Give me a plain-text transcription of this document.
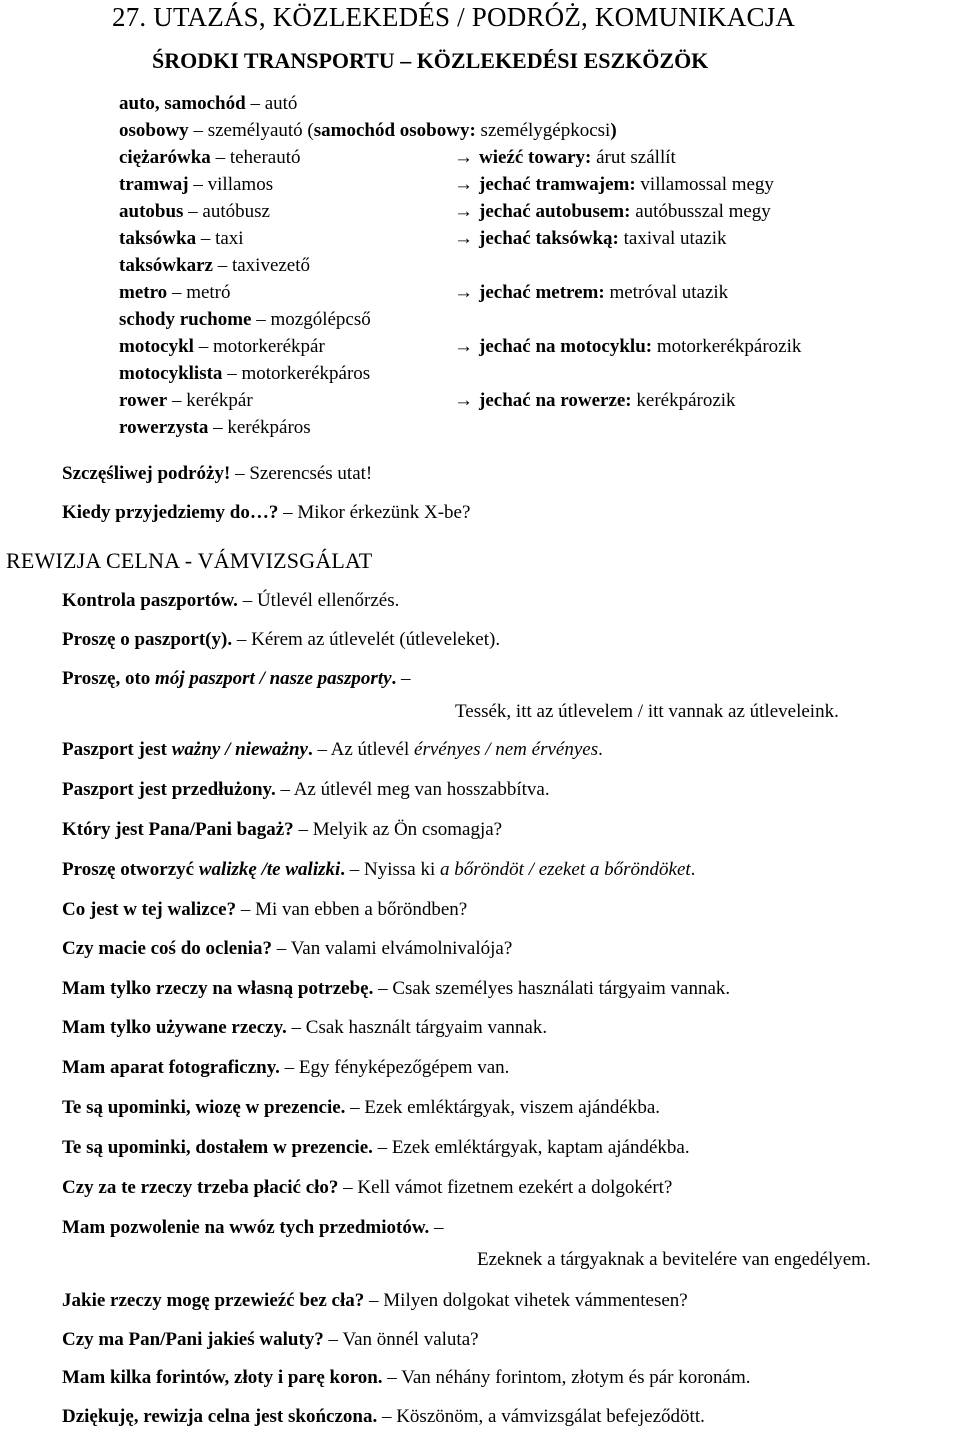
27. UTAZÁS, KÖZLEKEDÉS / PODRÓŻ, KOMUNIKACJA
ŚRODKI TRANSPORTU – KÖZLEKEDÉSI ESZKÖZÖK
auto, samochód – autó
osobowy – személyautó (samochód osobowy: személygépkocsi)
ciężarówka – teherautó	→ wieźć towary: árut szállít
tramwaj – villamos	→ jechać tramwajem: villamossal megy
autobus – autóbusz	→ jechać autobusem: autóbusszal megy
taksówka – taxi	→ jechać taksówką: taxival utazik
taksówkarz – taxivezető
metro – metró	→ jechać metrem: metróval utazik
schody ruchome – mozgólépcső
motocykl – motorkerékpár	→ jechać na motocyklu: motorkerékpározik
motocyklista – motorkerékpáros
rower – kerékpár	→ jechać na rowerze: kerékpározik
rowerzysta – kerékpáros
Szczęśliwej podróży! – Szerencsés utat!
Kiedy przyjedziemy do…? – Mikor érkezünk X-be?
REWIZJA CELNA - VÁMVIZSGÁLAT
Kontrola paszportów. – Útlevél ellenőrzés.
Proszę o paszport(y). – Kérem az útlevelét (útleveleket).
Proszę, oto mój paszport / nasze paszporty. –
Tessék, itt az útlevelem / itt vannak az útleveleink.
Paszport jest ważny / nieważny. – Az útlevél érvényes / nem érvényes.
Paszport jest przedłużony. – Az útlevél meg van hosszabbítva.
Który jest Pana/Pani bagaż? – Melyik az Ön csomagja?
Proszę otworzyć walizkę /te walizki. – Nyissa ki a bőröndöt / ezeket a bőröndöket.
Co jest w tej walizce? – Mi van ebben a bőröndben?
Czy macie coś do oclenia? – Van valami elvámolnivalója?
Mam tylko rzeczy na własną potrzebę. – Csak személyes használati tárgyaim vannak.
Mam tylko używane rzeczy. – Csak használt tárgyaim vannak.
Mam aparat fotograficzny. – Egy fényképezőgépem van.
Te są upominki, wiozę w prezencie. – Ezek emléktárgyak, viszem ajándékba.
Te są upominki, dostałem w prezencie. – Ezek emléktárgyak, kaptam ajándékba.
Czy za te rzeczy trzeba płacić cło? – Kell vámot fizetnem ezekért a dolgokért?
Mam pozwolenie na wwóz tych przedmiotów. –
Ezeknek a tárgyaknak a bevitelére van engedélyem.
Jakie rzeczy mogę przewieźć bez cła? – Milyen dolgokat vihetek vámmentesen?
Czy ma Pan/Pani jakieś waluty? – Van önnél valuta?
Mam kilka forintów, złoty i parę koron. – Van néhány forintom, złotym és pár koronám.
Dziękuję, rewizja celna jest skończona. – Köszönöm, a vámvizsgálat befejeződött.
